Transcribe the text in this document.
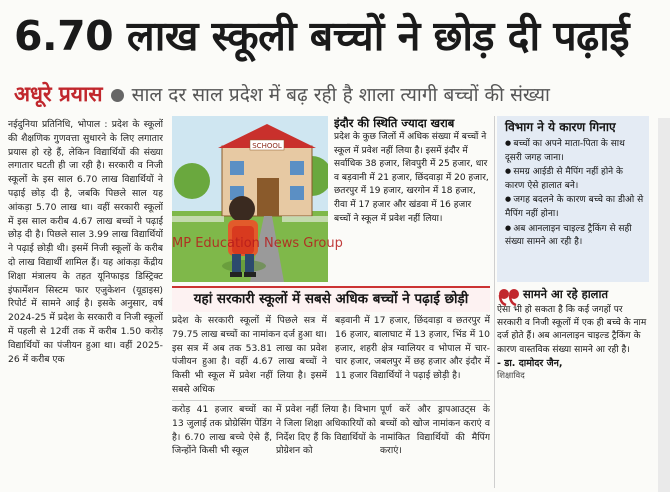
6.70 लाख स्कूली बच्चों ने छोड़ दी पढ़ाई
अधूरे प्रयास साल दर साल प्रदेश में बढ़ रही है शाला त्यागी बच्चों की संख्या

नईदुनिया प्रतिनिधि, भोपाल : प्रदेश के स्कूलों की शैक्षणिक गुणवत्ता सुधारने के लिए लगातार प्रयास हो रहे हैं, लेकिन विद्यार्थियों की संख्या लगातार घटती ही जा रही है। सरकारी व निजी स्कूलों के इस साल 6.70 लाख विद्यार्थियों ने पढ़ाई छोड़ दी है, जबकि पिछले साल यह आंकड़ा 5.70 लाख था। वहीं सरकारी स्कूलों में इस साल करीब 4.67 लाख बच्चों ने पढ़ाई छोड़ दी है। पिछले साल 3.99 लाख विद्यार्थियों ने पढ़ाई छोड़ी थी। इसमें निजी स्कूलों के करीब दो लाख विद्यार्थी शामिल हैं। यह आंकड़ा केंद्रीय शिक्षा मंत्रालय के तहत यूनिफाइड डिस्ट्रिक्ट इंफार्मेशन सिस्टम फार एजुकेशन (यूडाइस) रिपोर्ट में सामने आई है। इसके अनुसार, वर्ष 2024-25 में प्रदेश के सरकारी व निजी स्कूलों में पहली से 12वीं तक में करीब 1.50 करोड़ विद्यार्थियों का पंजीयन हुआ था। वहीं 2025-26 में करीब एक

SCHOOL
MP Education News Group
इंदौर की स्थिति ज्यादा खराब
प्रदेश के कुछ जिलों में अधिक संख्या में बच्चों ने स्कूल में प्रवेश नहीं लिया है। इसमें इंदौर में सर्वाधिक 38 हजार, शिवपुरी में 25 हजार, धार व बड़वानी में 21 हजार, छिंदवाड़ा में 20 हजार, छतरपुर में 19 हजार, खरगोन में 18 हजार, रीवा में 17 हजार और खंडवा में 16 हजार बच्चों ने स्कूल में प्रवेश नहीं लिया।
यहां सरकारी स्कूलों में सबसे अधिक बच्चों ने पढ़ाई छोड़ी
प्रदेश के सरकारी स्कूलों में पिछले सत्र में 79.75 लाख बच्चों का नामांकन दर्ज हुआ था। इस सत्र में अब तक 53.81 लाख का प्रवेश पंजीयन हुआ है। वहीं 4.67 लाख बच्चों ने किसी भी स्कूल में प्रवेश नहीं लिया है। इसमें सबसे अधिक
बड़वानी में 17 हजार, छिंदवाड़ा व छतरपुर में 16 हजार, बालाघाट में 13 हजार, भिंड में 10 हजार, शहरी क्षेत्र ग्वालियर व भोपाल में चार-चार हजार, जबलपुर में छह हजार और इंदौर में 11 हजार विद्यार्थियों ने पढ़ाई छोड़ी है।
करोड़ 41 हजार बच्चों का 13 जुलाई तक प्रोग्रेसिंग पेंडिंग है। 6.70 लाख बच्चे ऐसे हैं, जिन्होंने किसी भी स्कूल
में प्रवेश नहीं लिया है। विभाग ने जिला शिक्षा अधिकारियों को निर्देश दिए हैं कि विद्यार्थियों के प्रोग्रेशन को
पूर्ण करें और ड्रापआउट्स के बच्चों को खोज नामांकन कराएं व नामांकित विद्यार्थियों की मैपिंग कराएं।
विभाग ने ये कारण गिनाए
● बच्चों का अपने माता-पिता के साथ दूसरी जगह जाना।
● समग्र आईडी से मैपिंग नहीं होने के कारण ऐसे हालात बने।
● जगह बदलने के कारण बच्चे का डीओ से मैपिंग नहीं होना।
● अब आनलाइन चाइल्ड ट्रैकिंग से सही संख्या सामने आ रही है।
सामने आ रहे हालात
ऐसा भी हो सकता है कि कई जगहों पर सरकारी व निजी स्कूलों में एक ही बच्चे के नाम दर्ज होते हैं। अब आनलाइन चाइल्ड ट्रैकिंग के कारण वास्तविक संख्या सामने आ रही है।
- डा. दामोदर जैन,
शिक्षाविद
